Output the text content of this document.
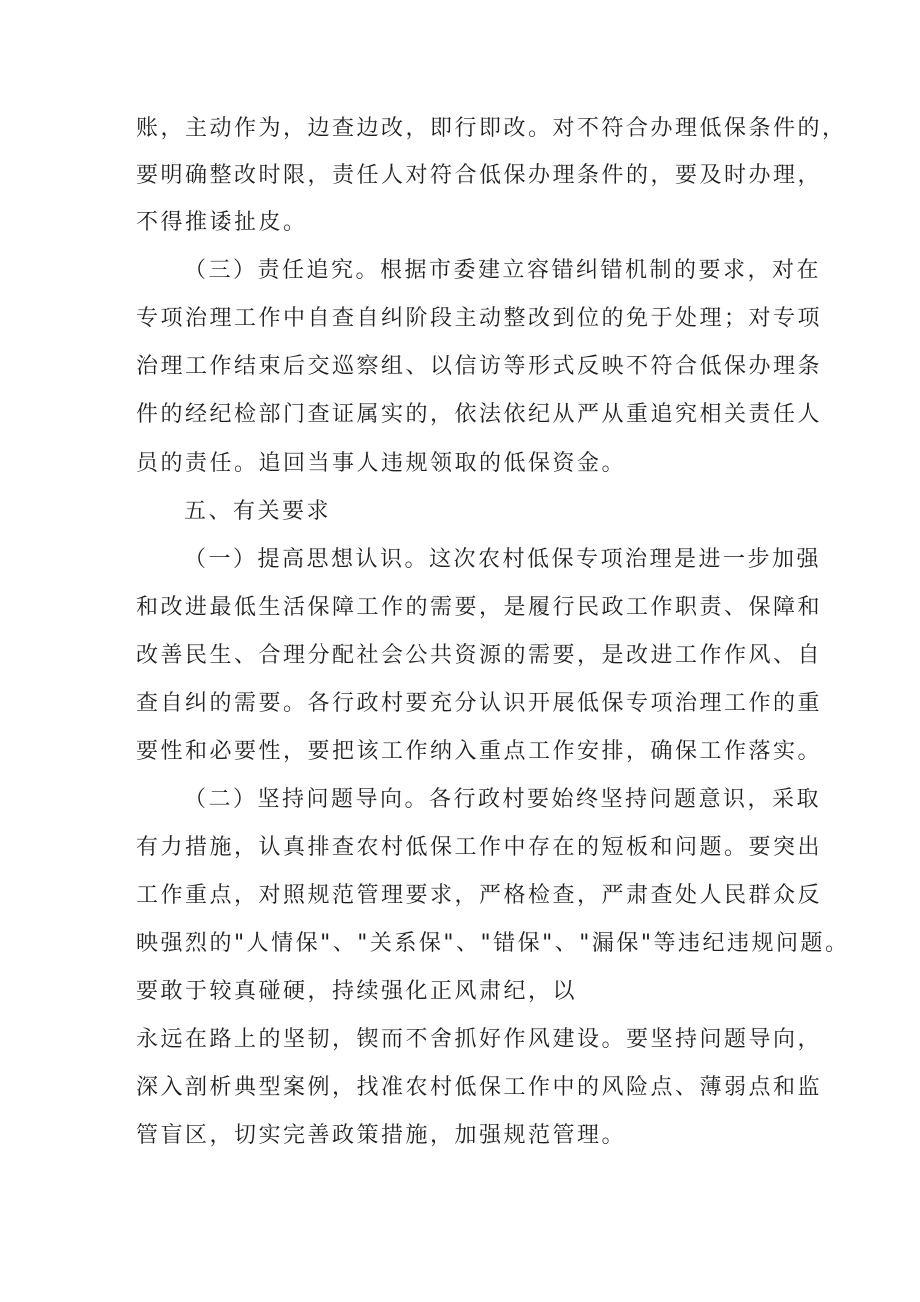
账，主动作为，边查边改，即行即改。对不符合办理低保条件的，

要明确整改时限，责任人对符合低保办理条件的，要及时办理，

不得推诿扯皮。

（三）责任追究。根据市委建立容错纠错机制的要求，对在

专项治理工作中自查自纠阶段主动整改到位的免于处理；对专项

治理工作结束后交巡察组、以信访等形式反映不符合低保办理条

件的经纪检部门查证属实的，依法依纪从严从重追究相关责任人

员的责任。追回当事人违规领取的低保资金。

五、有关要求

（一）提高思想认识。这次农村低保专项治理是进一步加强

和改进最低生活保障工作的需要，是履行民政工作职责、保障和

改善民生、合理分配社会公共资源的需要，是改进工作作风、自

查自纠的需要。各行政村要充分认识开展低保专项治理工作的重

要性和必要性，要把该工作纳入重点工作安排，确保工作落实。

（二）坚持问题导向。各行政村要始终坚持问题意识，采取

有力措施，认真排查农村低保工作中存在的短板和问题。要突出

工作重点，对照规范管理要求，严格检查，严肃查处人民群众反

映强烈的"人情保"、"关系保"、"错保"、"漏保"等违纪违规问题。

要敢于较真碰硬，持续强化正风肃纪，以

永远在路上的坚韧，锲而不舍抓好作风建设。要坚持问题导向，

深入剖析典型案例，找准农村低保工作中的风险点、薄弱点和监

管盲区，切实完善政策措施，加强规范管理。
